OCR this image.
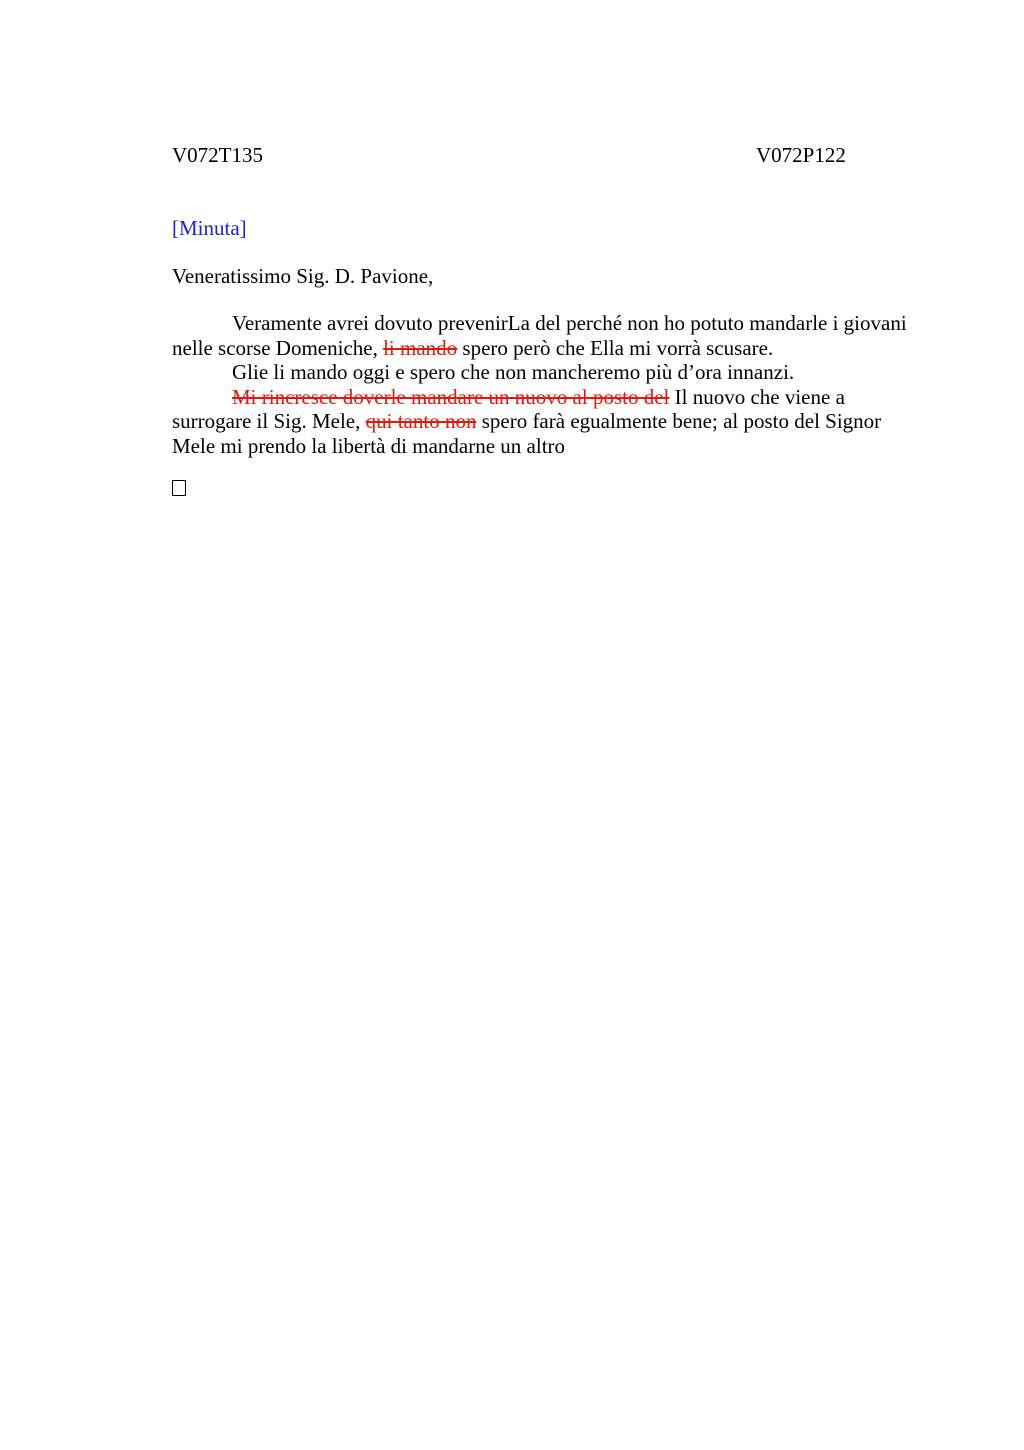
V072T135	V072P122
[Minuta]
Veneratissimo Sig. D. Pavione,

Veramente avrei dovuto prevenirLa del perché non ho potuto mandarle i giovani nelle scorse Domeniche, li mando spero però che Ella mi vorrà scusare.

Glie li mando oggi e spero che non mancheremo più d’ora innanzi.

Mi rincresce doverle mandare un nuovo al posto del Il nuovo che viene a surrogare il Sig. Mele, qui tanto non spero farà egualmente bene; al posto del Signor Mele mi prendo la libertà di mandarne un altro
